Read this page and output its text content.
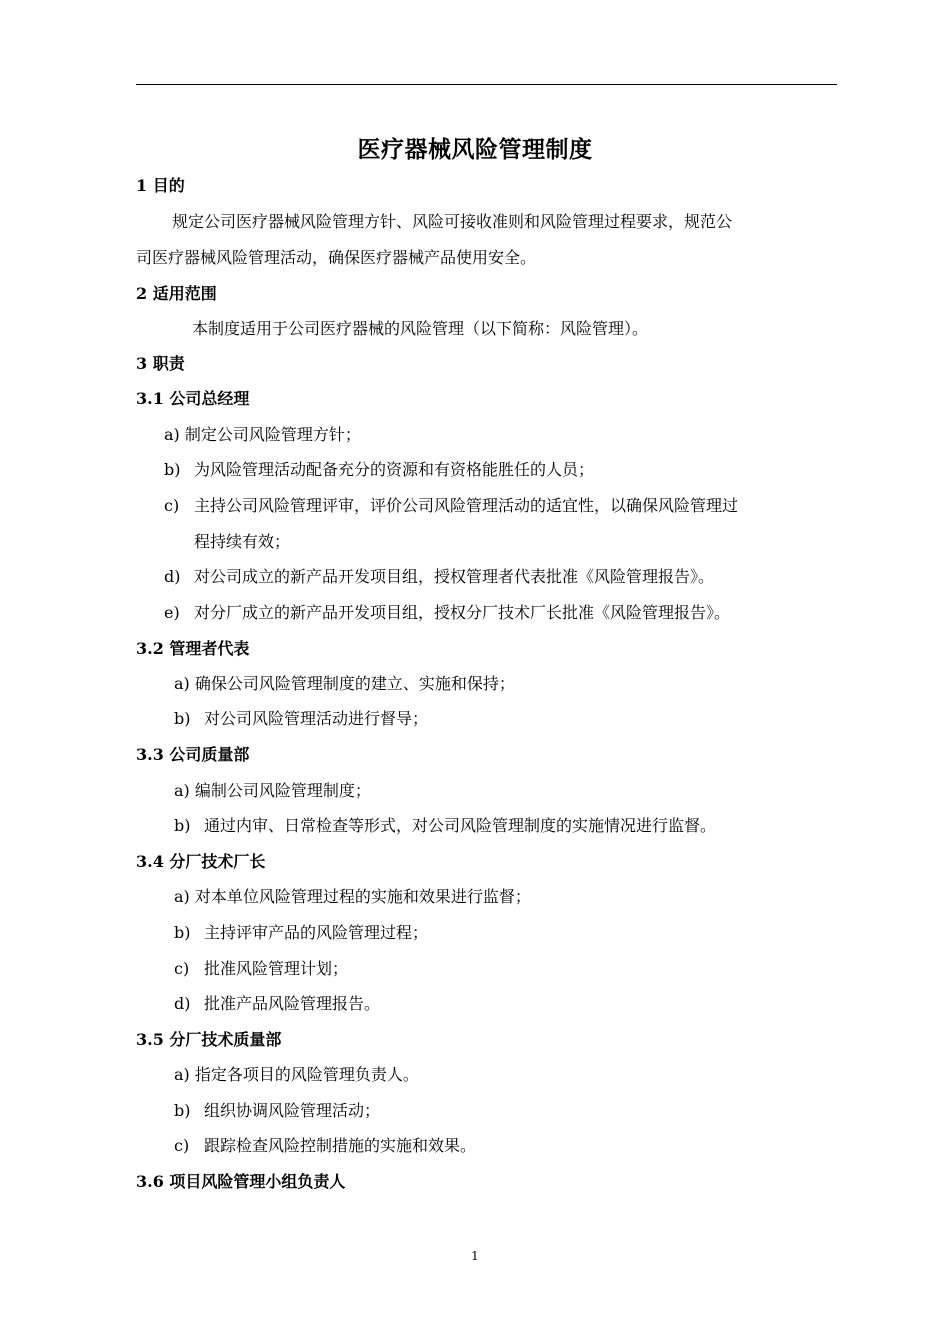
医疗器械风险管理制度
1 目的
规定公司医疗器械风险管理方针、风险可接收准则和风险管理过程要求，规范公
司医疗器械风险管理活动，确保医疗器械产品使用安全。
2 适用范围
本制度适用于公司医疗器械的风险管理（以下简称：风险管理）。
3 职责
3.1 公司总经理
a) 制定公司风险管理方针；
b) 为风险管理活动配备充分的资源和有资格能胜任的人员；
c) 主持公司风险管理评审，评价公司风险管理活动的适宜性，以确保风险管理过
程持续有效；
d) 对公司成立的新产品开发项目组，授权管理者代表批准《风险管理报告》。
e) 对分厂成立的新产品开发项目组，授权分厂技术厂长批准《风险管理报告》。
3.2 管理者代表
a) 确保公司风险管理制度的建立、实施和保持；
b) 对公司风险管理活动进行督导；
3.3 公司质量部
a) 编制公司风险管理制度；
b) 通过内审、日常检查等形式，对公司风险管理制度的实施情况进行监督。
3.4 分厂技术厂长
a) 对本单位风险管理过程的实施和效果进行监督；
b) 主持评审产品的风险管理过程；
c) 批准风险管理计划；
d) 批准产品风险管理报告。
3.5 分厂技术质量部
a) 指定各项目的风险管理负责人。
b) 组织协调风险管理活动；
c) 跟踪检查风险控制措施的实施和效果。
3.6 项目风险管理小组负责人
1
